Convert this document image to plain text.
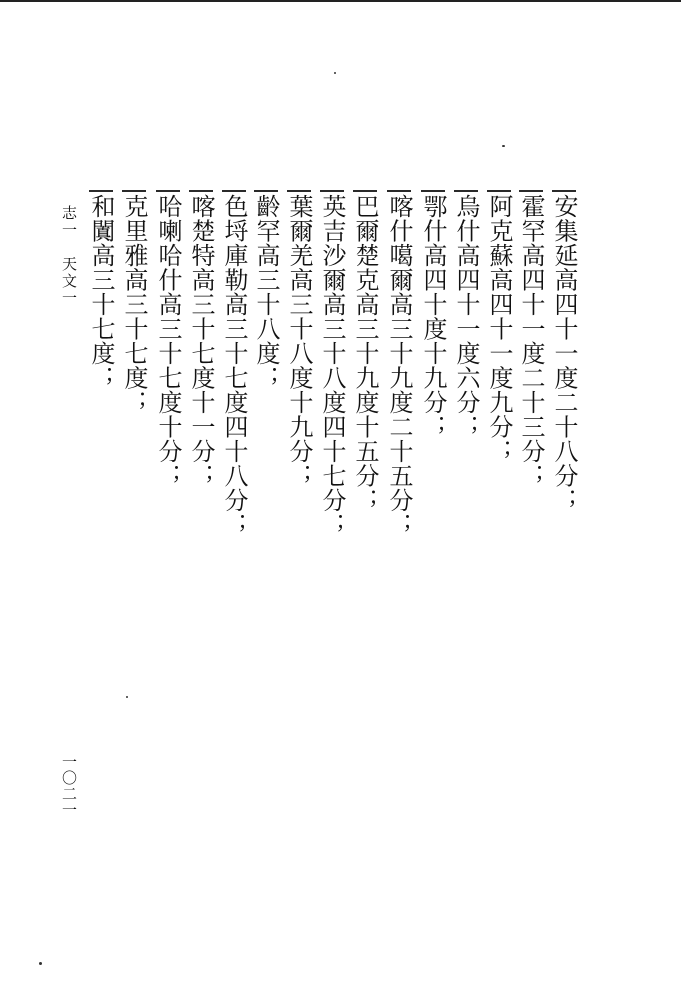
安集延高四十一度二十八分；
霍罕高四十一度二十三分；
阿克蘇高四十一度九分；
烏什高四十一度六分；
鄂什高四十度十九分；
喀什噶爾高三十九度二十五分；
巴爾楚克高三十九度十五分；
英吉沙爾高三十八度四十七分；
葉爾羌高三十八度十九分；
齡罕高三十八度；
色埒庫勒高三十七度四十八分；
喀楚特高三十七度十一分；
哈喇哈什高三十七度十分；
克里雅高三十七度；
和闐高三十七度；
志一　天文一
一〇二一
